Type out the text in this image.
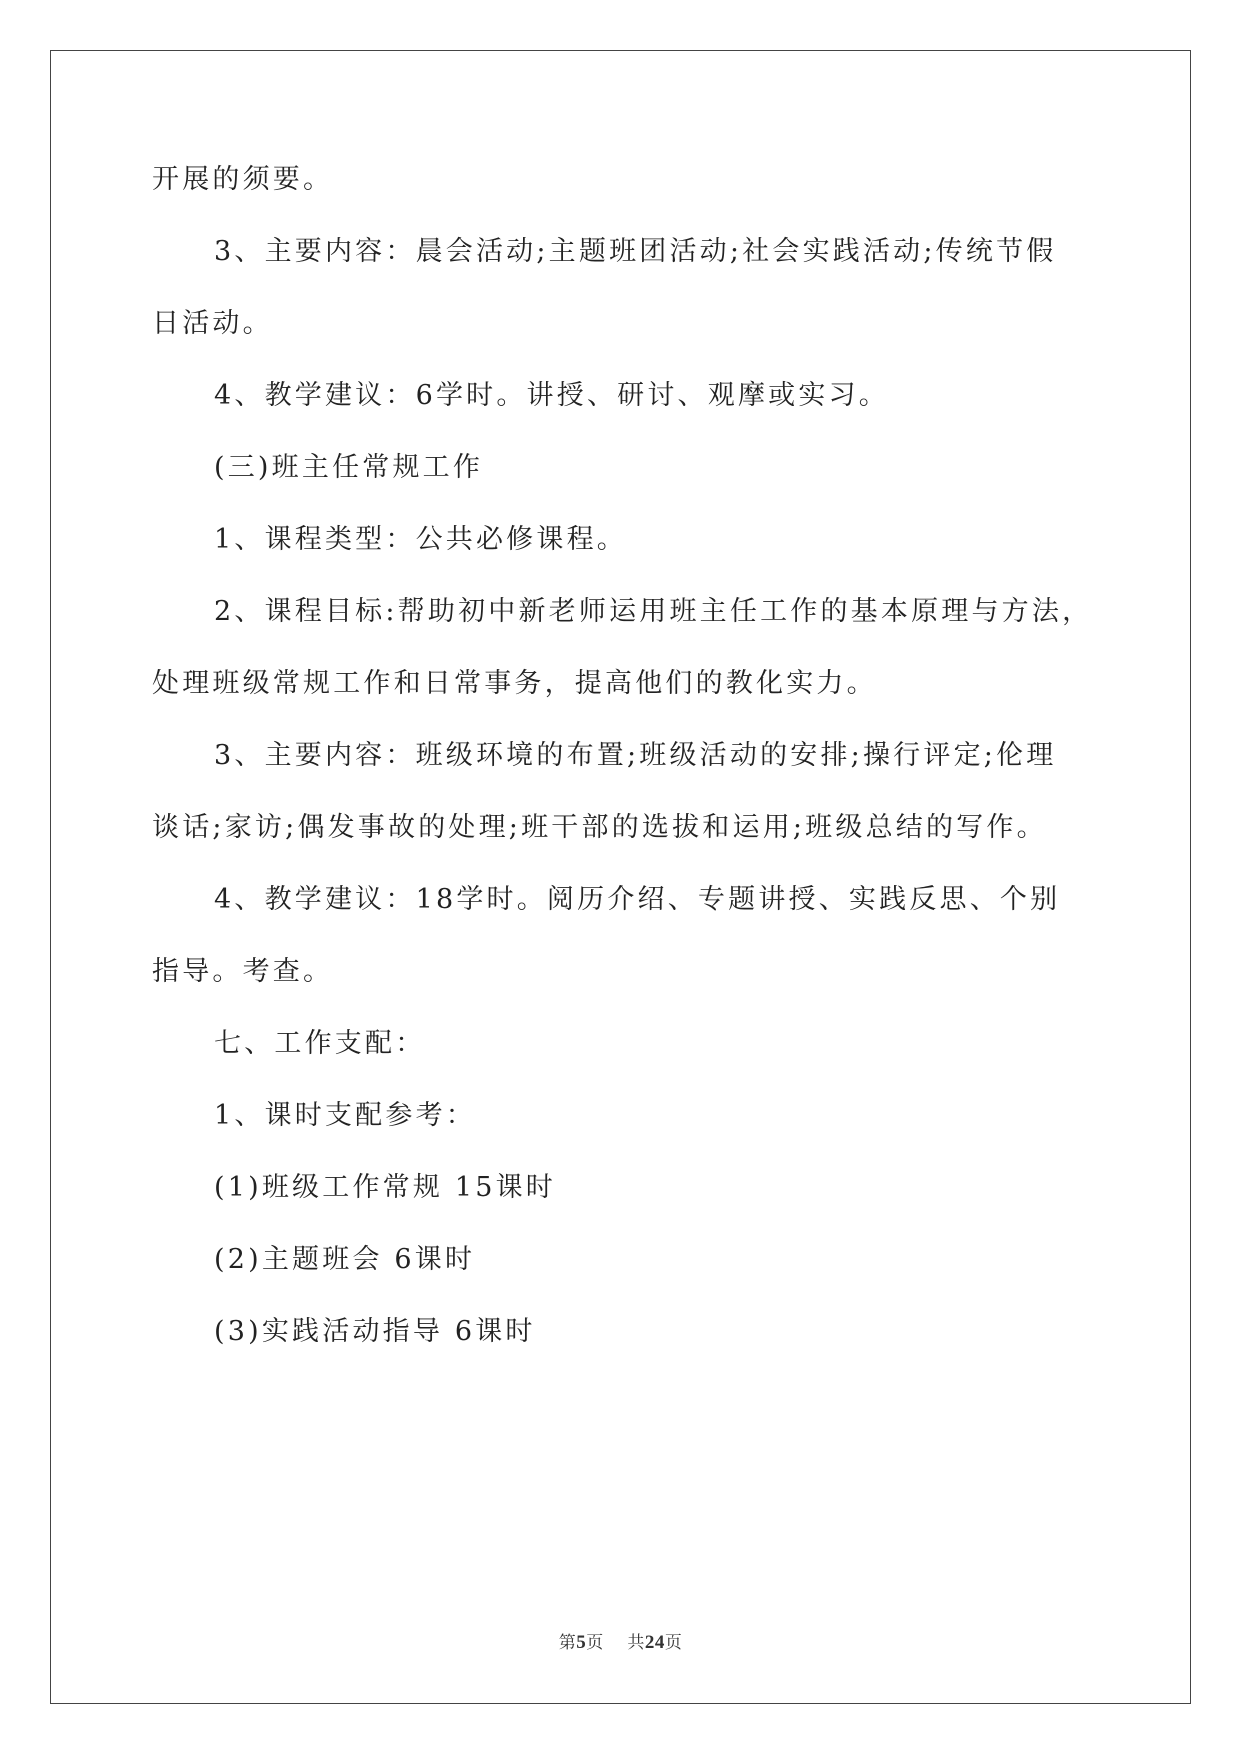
开展的须要。
3、主要内容：晨会活动;主题班团活动;社会实践活动;传统节假
日活动。
4、教学建议：6学时。讲授、研讨、观摩或实习。
(三)班主任常规工作
1、课程类型：公共必修课程。
2、课程目标:帮助初中新老师运用班主任工作的基本原理与方法，
处理班级常规工作和日常事务，提高他们的教化实力。
3、主要内容：班级环境的布置;班级活动的安排;操行评定;伦理
谈话;家访;偶发事故的处理;班干部的选拔和运用;班级总结的写作。
4、教学建议：18学时。阅历介绍、专题讲授、实践反思、个别
指导。考查。
七、工作支配：
1、课时支配参考：
(1)班级工作常规 15课时
(2)主题班会 6课时
(3)实践活动指导 6课时
第5页 共24页
